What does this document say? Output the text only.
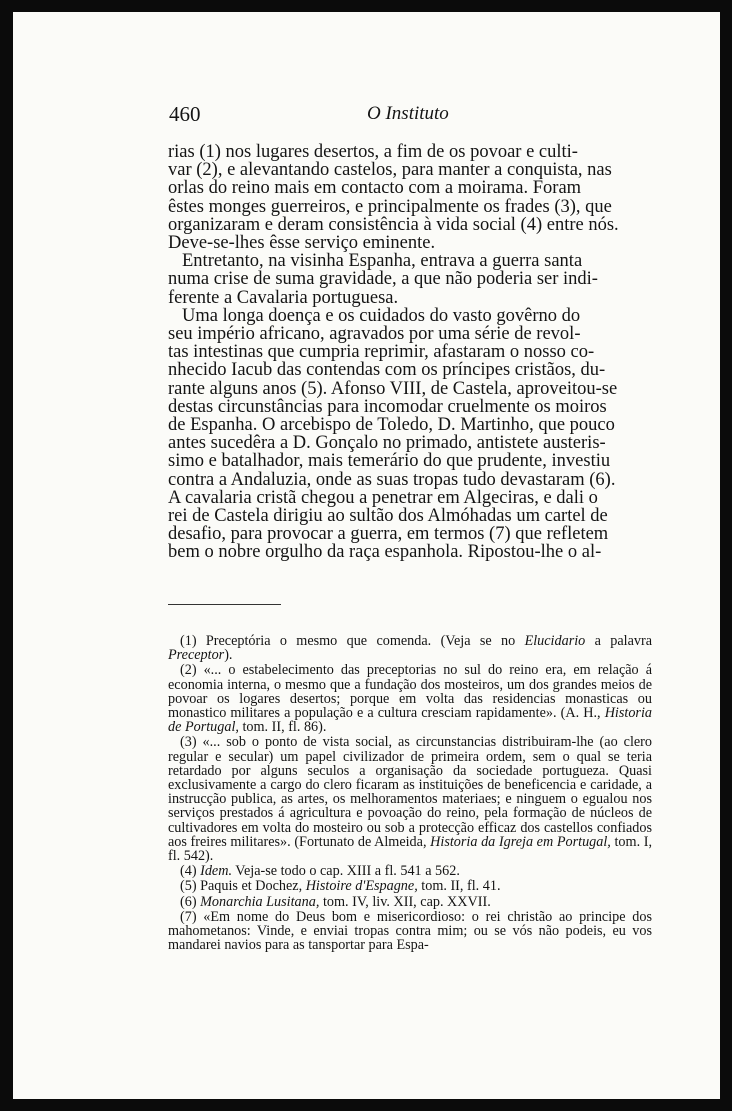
460	O Instituto

rias (1) nos lugares desertos, a fim de os povoar e culti-

var (2), e alevantando castelos, para manter a conquista, nas

orlas do reino mais em contacto com a moirama. Foram

êstes monges guerreiros, e principalmente os frades (3), que

organizaram e deram consistência à vida social (4) entre nós.

Deve-se-lhes êsse serviço eminente.

Entretanto, na visinha Espanha, entrava a guerra santa

numa crise de suma gravidade, a que não poderia ser indi-

ferente a Cavalaria portuguesa.

Uma longa doença e os cuidados do vasto govêrno do

seu império africano, agravados por uma série de revol-

tas intestinas que cumpria reprimir, afastaram o nosso co-

nhecido Iacub das contendas com os príncipes cristãos, du-

rante alguns anos (5). Afonso VIII, de Castela, aproveitou-se

destas circunstâncias para incomodar cruelmente os moiros

de Espanha. O arcebispo de Toledo, D. Martinho, que pouco

antes sucedêra a D. Gonçalo no primado, antistete austeris-

simo e batalhador, mais temerário do que prudente, investiu

contra a Andaluzia, onde as suas tropas tudo devastaram (6).

A cavalaria cristã chegou a penetrar em Algeciras, e dali o

rei de Castela dirigiu ao sultão dos Almóhadas um cartel de

desafio, para provocar a guerra, em termos (7) que refletem

bem o nobre orgulho da raça espanhola. Ripostou-lhe o al-

(1) Preceptória o mesmo que comenda. (Veja se no Elucidario a palavra Preceptor).

(2) «... o estabelecimento das preceptorias no sul do reino era, em relação á economia interna, o mesmo que a fundação dos mosteiros, um dos grandes meios de povoar os logares desertos; porque em volta das residencias monasticas ou monastico militares a população e a cultura cresciam rapidamente». (A. H., Historia de Portugal, tom. II, fl. 86).

(3) «... sob o ponto de vista social, as circunstancias distribuiram-lhe (ao clero regular e secular) um papel civilizador de primeira ordem, sem o qual se teria retardado por alguns seculos a organisação da sociedade portugueza. Quasi exclusivamente a cargo do clero ficaram as instituições de beneficencia e caridade, a instrucção publica, as artes, os melhoramentos materiaes; e ninguem o egualou nos serviços prestados á agricultura e povoação do reino, pela formação de núcleos de cultivadores em volta do mosteiro ou sob a protecção efficaz dos castellos confiados aos freires militares». (Fortunato de Almeida, Historia da Igreja em Portugal, tom. I, fl. 542).

(4) Idem. Veja-se todo o cap. XIII a fl. 541 a 562.

(5) Paquis et Dochez, Histoire d'Espagne, tom. II, fl. 41.

(6) Monarchia Lusitana, tom. IV, liv. XII, cap. XXVII.

(7) «Em nome do Deus bom e misericordioso: o rei christão ao principe dos mahometanos: Vinde, e enviai tropas contra mim; ou se vós não podeis, eu vos mandarei navios para as tansportar para Espa-
